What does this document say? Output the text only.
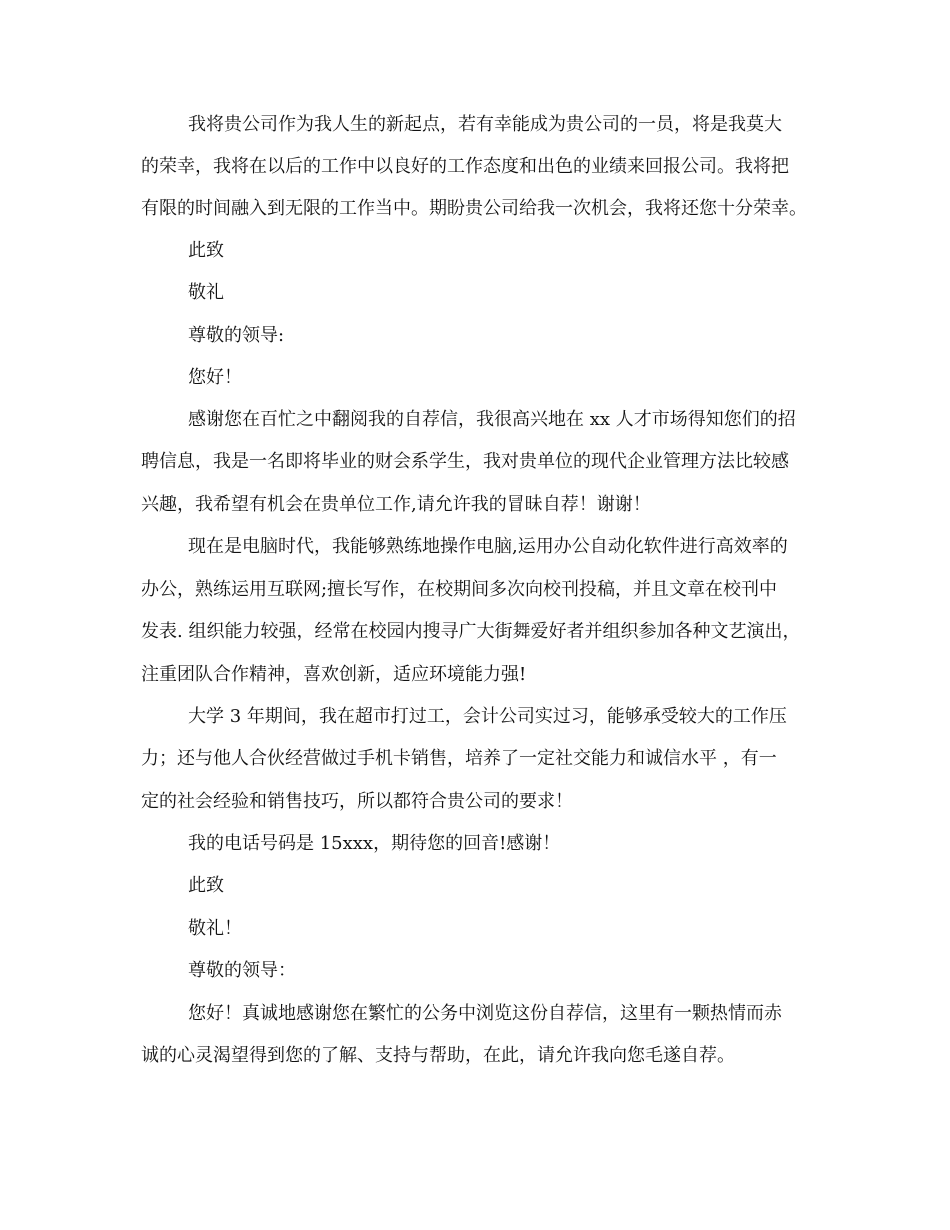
我将贵公司作为我人生的新起点，若有幸能成为贵公司的一员，将是我莫大
的荣幸，我将在以后的工作中以良好的工作态度和出色的业绩来回报公司。我将把
有限的时间融入到无限的工作当中。期盼贵公司给我一次机会，我将还您十分荣幸。
此致
敬礼
尊敬的领导:
您好！
感谢您在百忙之中翻阅我的自荐信，我很高兴地在 xx 人才市场得知您们的招
聘信息，我是一名即将毕业的财会系学生，我对贵单位的现代企业管理方法比较感
兴趣，我希望有机会在贵单位工作,请允许我的冒昧自荐！谢谢！
现在是电脑时代，我能够熟练地操作电脑,运用办公自动化软件进行高效率的
办公，熟练运用互联网;擅长写作，在校期间多次向校刊投稿，并且文章在校刊中
发表. 组织能力较强，经常在校园内搜寻广大街舞爱好者并组织参加各种文艺演出，
注重团队合作精神，喜欢创新，适应环境能力强!
大学 3 年期间，我在超市打过工，会计公司实过习，能够承受较大的工作压
力；还与他人合伙经营做过手机卡销售，培养了一定社交能力和诚信水平 ，有一
定的社会经验和销售技巧，所以都符合贵公司的要求！
我的电话号码是 15xxx，期待您的回音!感谢！
此致
敬礼！
尊敬的领导：
您好！真诚地感谢您在繁忙的公务中浏览这份自荐信，这里有一颗热情而赤
诚的心灵渴望得到您的了解、支持与帮助，在此，请允许我向您毛遂自荐。
